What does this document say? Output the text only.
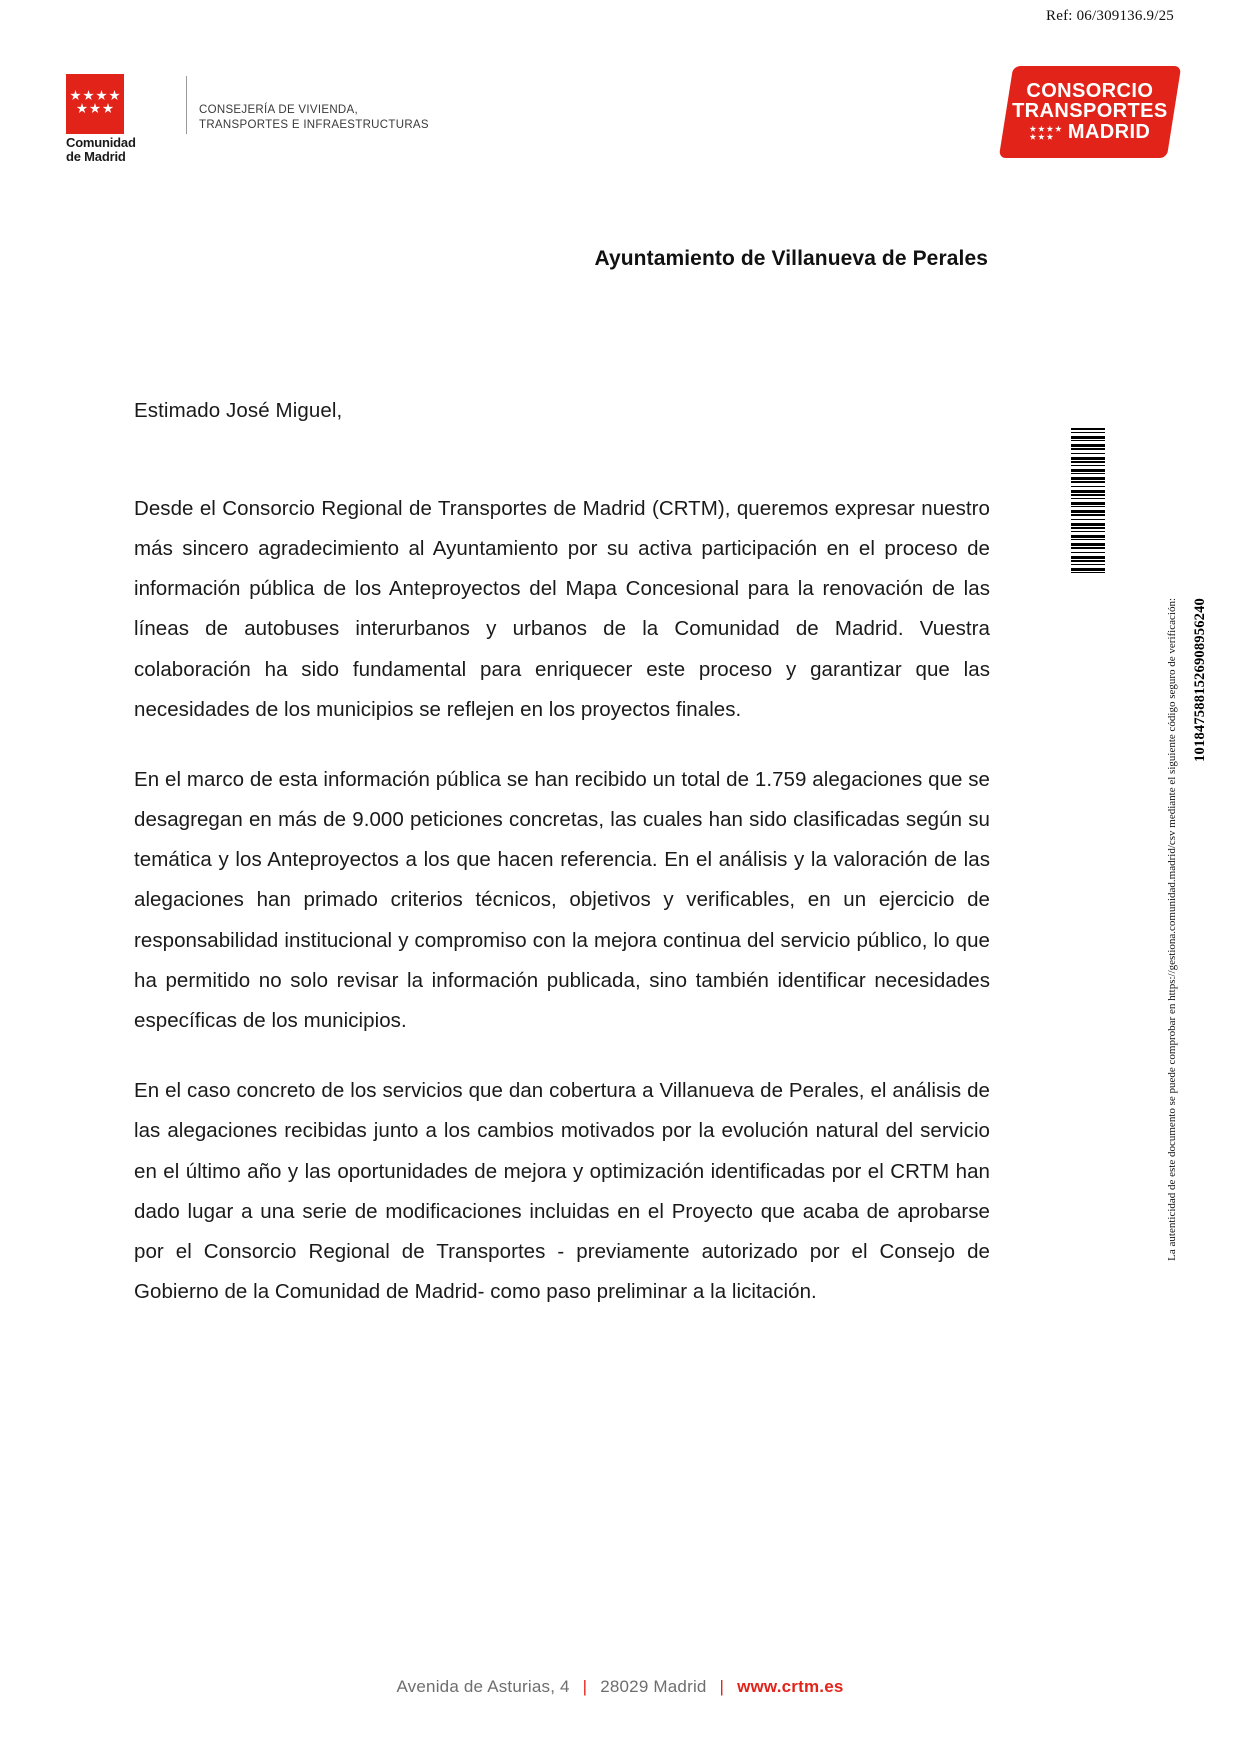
Ref: 06/309136.9/25
Comunidad
de Madrid
CONSEJERÍA DE VIVIENDA,
TRANSPORTES E INFRAESTRUCTURAS
CONSORCIO
TRANSPORTES
MADRID
Ayuntamiento de Villanueva de Perales

Estimado José Miguel,

Desde el Consorcio Regional de Transportes de Madrid (CRTM), queremos expresar nuestro más sincero agradecimiento al Ayuntamiento por su activa participación en el proceso de información pública de los Anteproyectos del Mapa Concesional para la renovación de las líneas de autobuses interurbanos y urbanos de la Comunidad de Madrid. Vuestra colaboración ha sido fundamental para enriquecer este proceso y garantizar que las necesidades de los municipios se reflejen en los proyectos finales.

En el marco de esta información pública se han recibido un total de 1.759 alegaciones que se desagregan en más de 9.000 peticiones concretas, las cuales han sido clasificadas según su temática y los Anteproyectos a los que hacen referencia. En el análisis y la valoración de las alegaciones han primado criterios técnicos, objetivos y verificables, en un ejercicio de responsabilidad institucional y compromiso con la mejora continua del servicio público, lo que ha permitido no solo revisar la información publicada, sino también identificar necesidades específicas de los municipios.

En el caso concreto de los servicios que dan cobertura a Villanueva de Perales, el análisis de las alegaciones recibidas junto a los cambios motivados por la evolución natural del servicio en el último año y las oportunidades de mejora y optimización identificadas por el CRTM han dado lugar a una serie de modificaciones incluidas en el Proyecto que acaba de aprobarse por el Consorcio Regional de Transportes - previamente autorizado por el Consejo de Gobierno de la Comunidad de Madrid- como paso preliminar a la licitación.

La autenticidad de este documento se puede comprobar en https://gestiona.comunidad.madrid/csv mediante el siguiente código seguro de verificación: 1018475881526908956240
Avenida de Asturias, 4 | 28029 Madrid | www.crtm.es
